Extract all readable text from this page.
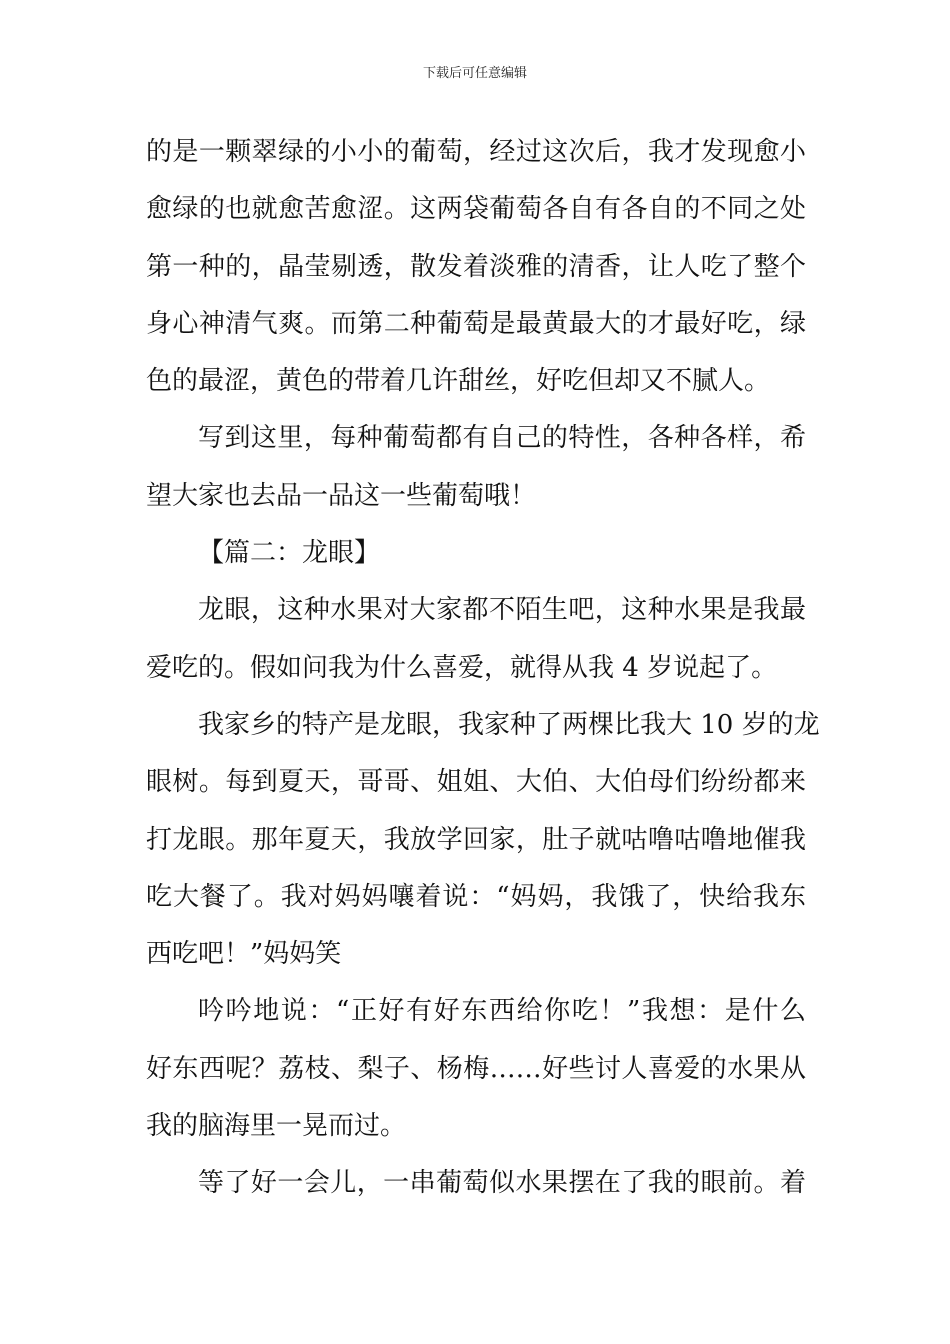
下载后可任意编辑
的是一颗翠绿的小小的葡萄，经过这次后，我才发现愈小
愈绿的也就愈苦愈涩。这两袋葡萄各自有各自的不同之处
第一种的，晶莹剔透，散发着淡雅的清香，让人吃了整个
身心神清气爽。而第二种葡萄是最黄最大的才最好吃，绿
色的最涩，黄色的带着几许甜丝，好吃但却又不腻人。
写到这里，每种葡萄都有自己的特性，各种各样，希
望大家也去品一品这一些葡萄哦！
【篇二：龙眼】
龙眼，这种水果对大家都不陌生吧，这种水果是我最
爱吃的。假如问我为什么喜爱，就得从我 4 岁说起了。
我家乡的特产是龙眼，我家种了两棵比我大 10 岁的龙
眼树。每到夏天，哥哥、姐姐、大伯、大伯母们纷纷都来
打龙眼。那年夏天，我放学回家，肚子就咕噜咕噜地催我
吃大餐了。我对妈妈嚷着说：“妈妈，我饿了，快给我东
西吃吧！”妈妈笑
吟吟地说：“正好有好东西给你吃！”我想：是什么
好东西呢？荔枝、梨子、杨梅……好些讨人喜爱的水果从
我的脑海里一晃而过。
等了好一会儿，一串葡萄似水果摆在了我的眼前。着
